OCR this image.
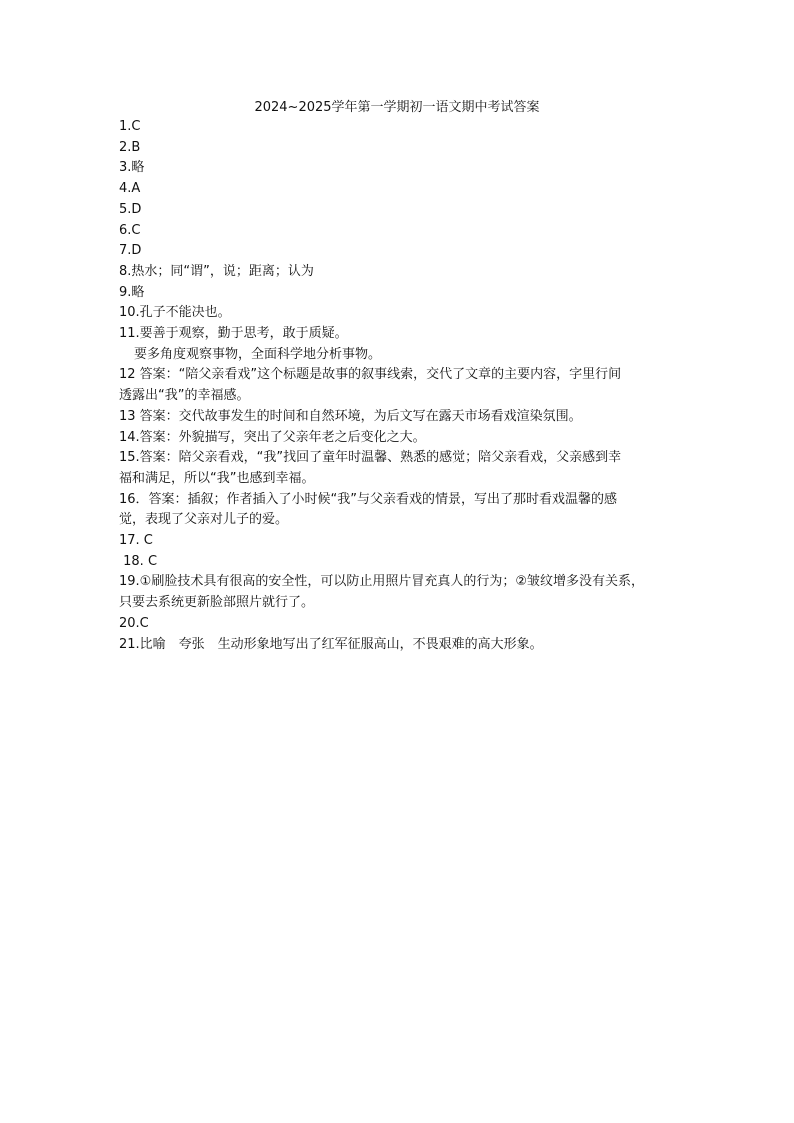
2024~2025学年第一学期初一语文期中考试答案
1.C
2.B
3.略
4.A
5.D
6.C
7.D
8.热水；同“谓”，说；距离；认为
9.略
10.孔子不能决也。
11.要善于观察，勤于思考，敢于质疑。
要多角度观察事物，全面科学地分析事物。
12 答案：“陪父亲看戏”这个标题是故事的叙事线索，交代了文章的主要内容，字里行间
透露出“我”的幸福感。
13 答案：交代故事发生的时间和自然环境，为后文写在露天市场看戏渲染氛围。
14.答案：外貌描写，突出了父亲年老之后变化之大。
15.答案：陪父亲看戏，“我”找回了童年时温馨、熟悉的感觉；陪父亲看戏，父亲感到幸
福和满足，所以“我”也感到幸福。
16．答案：插叙；作者插入了小时候“我”与父亲看戏的情景，写出了那时看戏温馨的感
觉，表现了父亲对儿子的爱。
17. C
18. C
19.①刷脸技术具有很高的安全性，可以防止用照片冒充真人的行为；②皱纹增多没有关系，
只要去系统更新脸部照片就行了。
20.C
21.比喻　夸张　生动形象地写出了红军征服高山，不畏艰难的高大形象。
